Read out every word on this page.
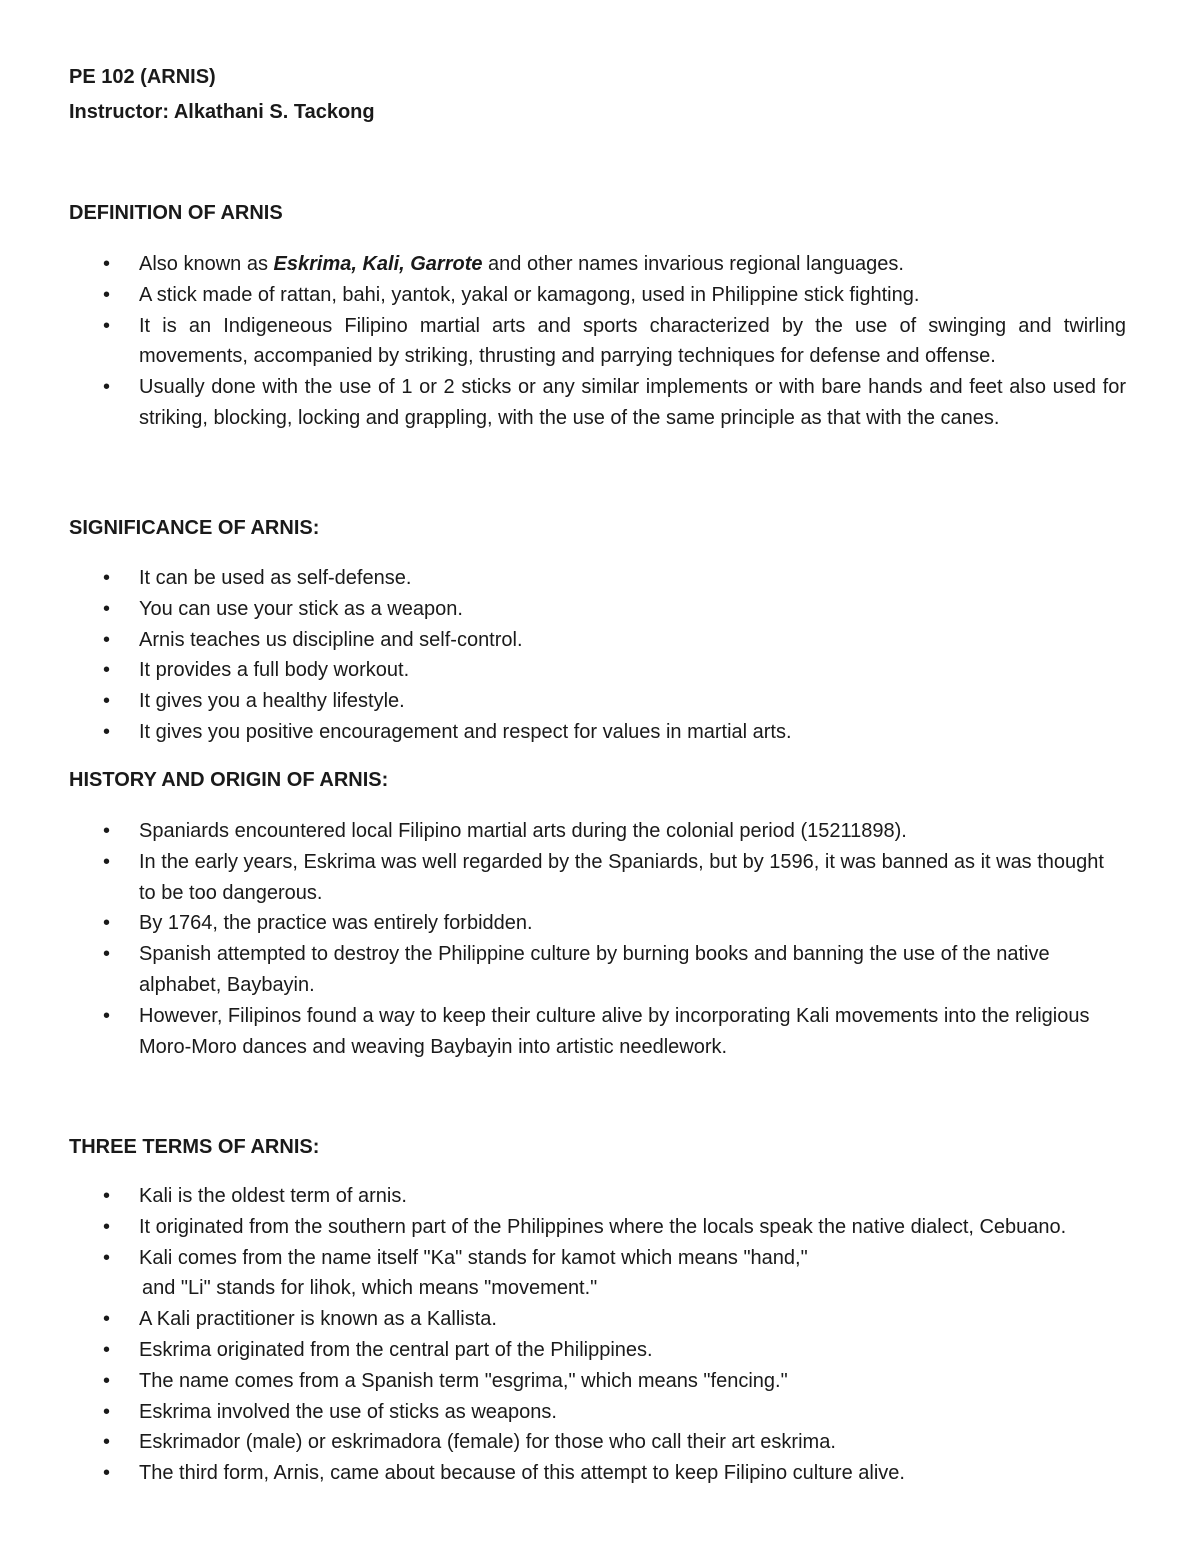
PE 102 (ARNIS)
Instructor: Alkathani S. Tackong
DEFINITION OF ARNIS
• Also known as Eskrima, Kali, Garrote and other names invarious regional languages.
• A stick made of rattan, bahi, yantok, yakal or kamagong, used in Philippine stick fighting.
• It is an Indigeneous Filipino martial arts and sports characterized by the use of swinging and twirling movements, accompanied by striking, thrusting and parrying techniques for defense and offense.
• Usually done with the use of 1 or 2 sticks or any similar implements or with bare hands and feet also used for striking, blocking, locking and grappling, with the use of the same principle as that with the canes.
SIGNIFICANCE OF ARNIS:
• It can be used as self-defense.
• You can use your stick as a weapon.
• Arnis teaches us discipline and self-control.
• It provides a full body workout.
• It gives you a healthy lifestyle.
• It gives you positive encouragement and respect for values in martial arts.
HISTORY AND ORIGIN OF ARNIS:
• Spaniards encountered local Filipino martial arts during the colonial period (15211898).
• In the early years, Eskrima was well regarded by the Spaniards, but by 1596, it was banned as it was thought to be too dangerous.
• By 1764, the practice was entirely forbidden.
• Spanish attempted to destroy the Philippine culture by burning books and banning the use of the native alphabet, Baybayin.
• However, Filipinos found a way to keep their culture alive by incorporating Kali movements into the religious Moro-Moro dances and weaving Baybayin into artistic needlework.
THREE TERMS OF ARNIS:
• Kali is the oldest term of arnis.
• It originated from the southern part of the Philippines where the locals speak the native dialect, Cebuano.
• Kali comes from the name itself "Ka" stands for kamot which means "hand,"
and "Li" stands for lihok, which means "movement."
• A Kali practitioner is known as a Kallista.
• Eskrima originated from the central part of the Philippines.
• The name comes from a Spanish term "esgrima," which means "fencing."
• Eskrima involved the use of sticks as weapons.
• Eskrimador (male) or eskrimadora (female) for those who call their art eskrima.
• The third form, Arnis, came about because of this attempt to keep Filipino culture alive.
